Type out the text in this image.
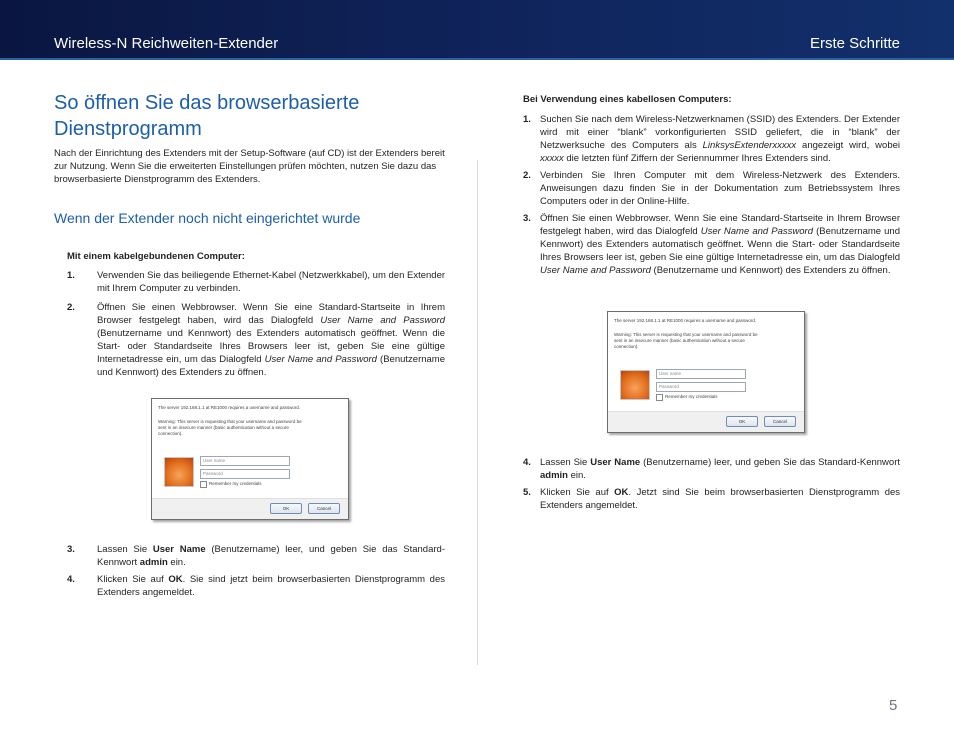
Wireless-N Reichweiten-Extender	Erste Schritte
So öffnen Sie das browserbasierte Dienstprogramm

Nach der Einrichtung des Extenders mit der Setup-Software (auf CD) ist der Extenders bereit zur Nutzung. Wenn Sie die erweiterten Einstellungen prüfen möchten, nutzen Sie dazu das browserbasierte Dienstprogramm des Extenders.

Wenn der Extender noch nicht eingerichtet wurde

Mit einem kabelgebundenen Computer:

1. Verwenden Sie das beiliegende Ethernet-Kabel (Netzwerkkabel), um den Extender mit Ihrem Computer zu verbinden.
2. Öffnen Sie einen Webbrowser. Wenn Sie eine Standard-Startseite in Ihrem Browser festgelegt haben, wird das Dialogfeld User Name and Password (Benutzername und Kennwort) des Extenders automatisch geöffnet. Wenn die Start- oder Standardseite Ihres Browsers leer ist, geben Sie eine gültige Internetadresse ein, um das Dialogfeld User Name and Password (Benutzername und Kennwort) des Extenders zu öffnen.
The server 192.168.1.1 at RE1000 requires a username and password.
Warning: This server is requesting that your username and password be
sent in an insecure manner (basic authentication without a secure
connection).
User name
Password
Remember my credentials
OK	Cancel
3. Lassen Sie User Name (Benutzername) leer, und geben Sie das Standard-Kennwort admin ein.
4. Klicken Sie auf OK. Sie sind jetzt beim browserbasierten Dienstprogramm des Extenders angemeldet.

Bei Verwendung eines kabellosen Computers:

1. Suchen Sie nach dem Wireless-Netzwerknamen (SSID) des Extenders. Der Extender wird mit einer “blank” vorkonfigurierten SSID geliefert, die in “blank” der Netzwerksuche des Computers als LinksysExtenderxxxxx angezeigt wird, wobei xxxxx die letzten fünf Ziffern der Seriennummer Ihres Extenders sind.
2. Verbinden Sie Ihren Computer mit dem Wireless-Netzwerk des Extenders. Anweisungen dazu finden Sie in der Dokumentation zum Betriebssystem Ihres Computers oder in der Online-Hilfe.
3. Öffnen Sie einen Webbrowser. Wenn Sie eine Standard-Startseite in Ihrem Browser festgelegt haben, wird das Dialogfeld User Name and Password (Benutzername und Kennwort) des Extenders automatisch geöffnet. Wenn die Start- oder Standardseite Ihres Browsers leer ist, geben Sie eine gültige Internetadresse ein, um das Dialogfeld User Name and Password (Benutzername und Kennwort) des Extenders zu öffnen.
The server 192.168.1.1 at RE1000 requires a username and password.
Warning: This server is requesting that your username and password be
sent in an insecure manner (basic authentication without a secure
connection).
User name
Password
Remember my credentials
OK	Cancel
4. Lassen Sie User Name (Benutzername) leer, und geben Sie das Standard-Kennwort admin ein.
5. Klicken Sie auf OK. Jetzt sind Sie beim browserbasierten Dienstprogramm des Extenders angemeldet.
5
